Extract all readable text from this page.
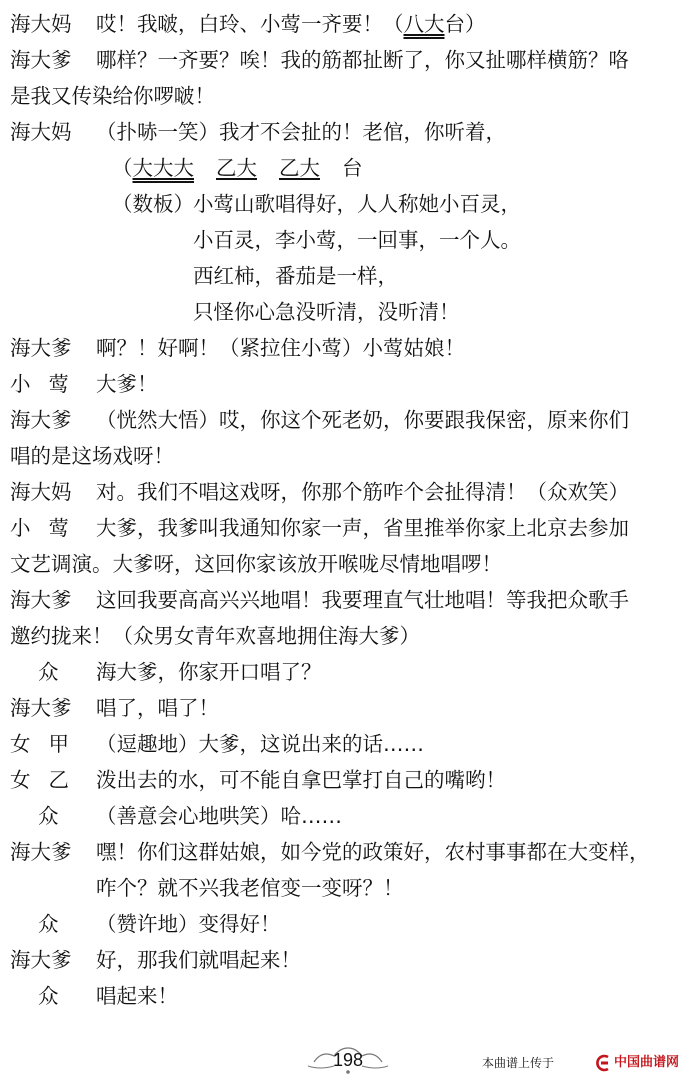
海大妈	哎！我啵，白玲、小莺一齐要！（八大台）
海大爹	哪样？一齐要？唉！我的筋都扯断了，你又扯哪样横筋？咯
是我又传染给你啰啵！
海大妈	（扑哧一笑）我才不会扯的！老倌，你听着，
（大大大 乙大 乙大 台
（数板） 小莺山歌唱得好，人人称她小百灵，
小百灵，李小莺，一回事，一个人。
西红柿，番茄是一样，
只怪你心急没听清，没听清！
海大爹	啊？！好啊！（紧拉住小莺）小莺姑娘！
小莺 大爹！
海大爹	（恍然大悟）哎，你这个死老奶，你要跟我保密，原来你们
唱的是这场戏呀！
海大妈	对。我们不唱这戏呀，你那个筋咋个会扯得清！（众欢笑）
小莺 大爹，我爹叫我通知你家一声，省里推举你家上北京去参加
文艺调演。大爹呀，这回你家该放开喉咙尽情地唱啰！
海大爹	这回我要高高兴兴地唱！我要理直气壮地唱！等我把众歌手
邀约拢来！（众男女青年欢喜地拥住海大爹）
众	海大爹，你家开口唱了？
海大爹	唱了，唱了！
女甲 （逗趣地）大爹，这说出来的话……
女乙 泼出去的水，可不能自拿巴掌打自己的嘴哟！
众	（善意会心地哄笑）哈……
海大爹	嘿！你们这群姑娘，如今党的政策好，农村事事都在大变样，
咋个？就不兴我老倌变一变呀？！
众	（赞许地）变得好！
海大爹	好，那我们就唱起来！
众	唱起来！
198	本曲谱上传于	中国曲谱网
